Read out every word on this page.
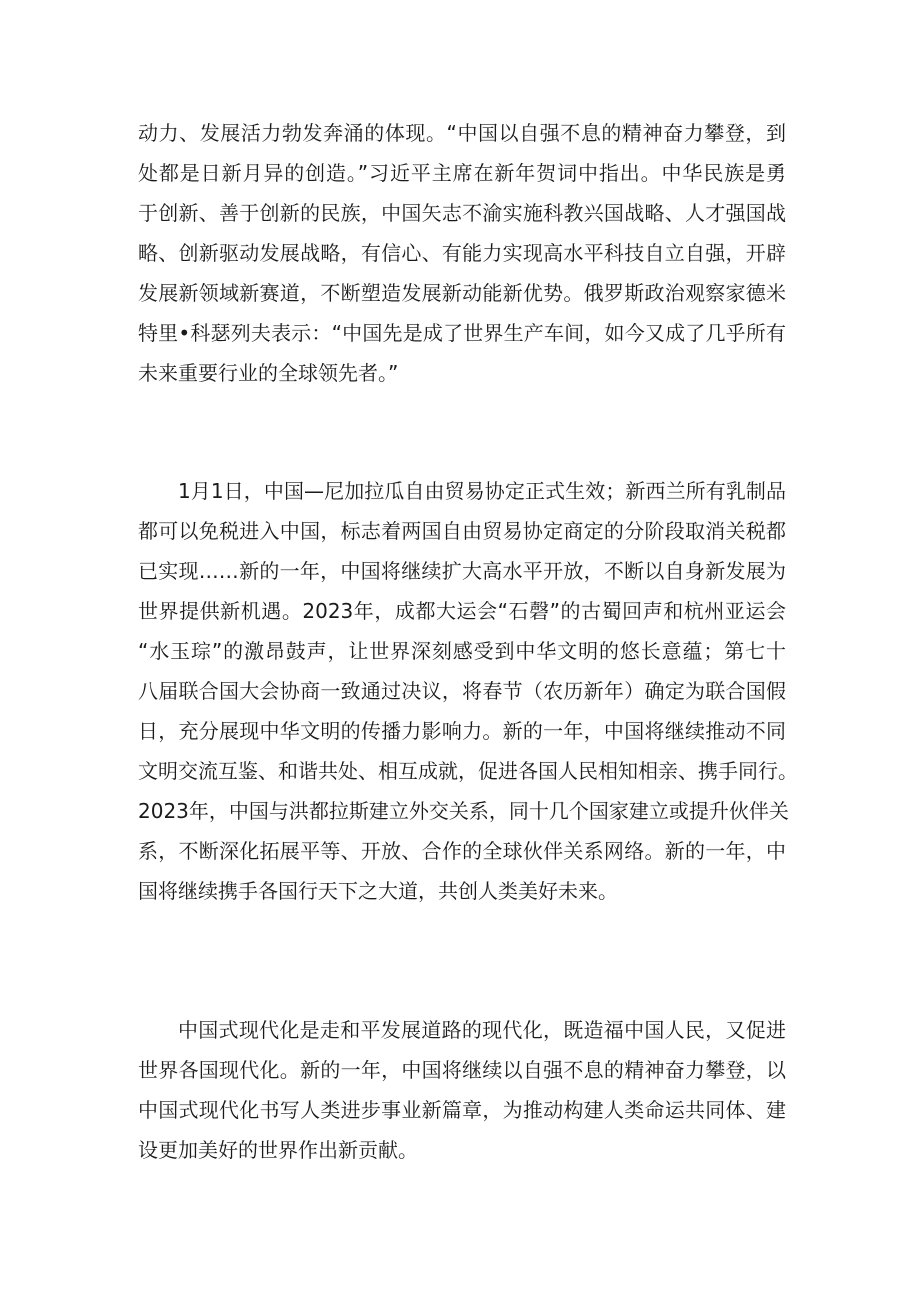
动力、发展活力勃发奔涌的体现。“中国以自强不息的精神奋力攀登，到
处都是日新月异的创造。”习近平主席在新年贺词中指出。中华民族是勇
于创新、善于创新的民族，中国矢志不渝实施科教兴国战略、人才强国战
略、创新驱动发展战略，有信心、有能力实现高水平科技自立自强，开辟
发展新领域新赛道，不断塑造发展新动能新优势。俄罗斯政治观察家德米
特里•科瑟列夫表示：“中国先是成了世界生产车间，如今又成了几乎所有
未来重要行业的全球领先者。”
1月1日，中国—尼加拉瓜自由贸易协定正式生效；新西兰所有乳制品
都可以免税进入中国，标志着两国自由贸易协定商定的分阶段取消关税都
已实现……新的一年，中国将继续扩大高水平开放，不断以自身新发展为
世界提供新机遇。2023年，成都大运会“石磬”的古蜀回声和杭州亚运会
“水玉琮”的激昂鼓声，让世界深刻感受到中华文明的悠长意蕴；第七十
八届联合国大会协商一致通过决议，将春节（农历新年）确定为联合国假
日，充分展现中华文明的传播力影响力。新的一年，中国将继续推动不同
文明交流互鉴、和谐共处、相互成就，促进各国人民相知相亲、携手同行。
2023年，中国与洪都拉斯建立外交关系，同十几个国家建立或提升伙伴关
系，不断深化拓展平等、开放、合作的全球伙伴关系网络。新的一年，中
国将继续携手各国行天下之大道，共创人类美好未来。
中国式现代化是走和平发展道路的现代化，既造福中国人民，又促进
世界各国现代化。新的一年，中国将继续以自强不息的精神奋力攀登，以
中国式现代化书写人类进步事业新篇章，为推动构建人类命运共同体、建
设更加美好的世界作出新贡献。
